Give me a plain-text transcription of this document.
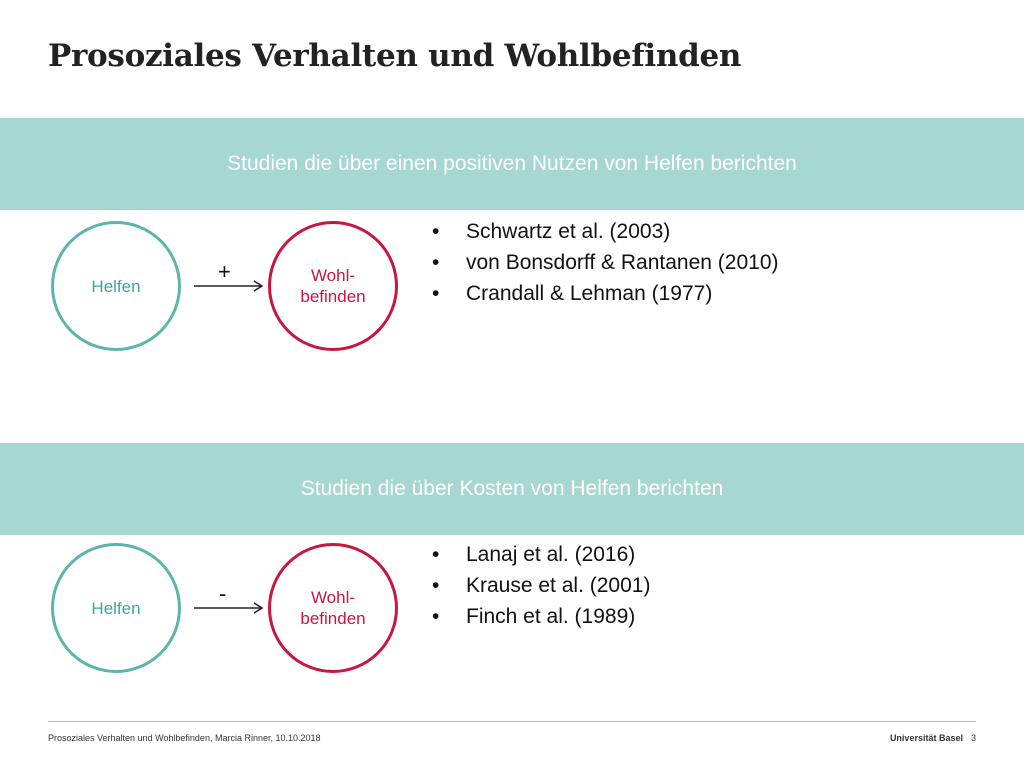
Prosoziales Verhalten und Wohlbefinden
Studien die über einen positiven Nutzen von Helfen berichten
Helfen
+	Wohl-
befinden
• Schwartz et al. (2003)
• von Bonsdorff & Rantanen (2010)
• Crandall & Lehman (1977)
Studien die über Kosten von Helfen berichten
Helfen
-	Wohl-
befinden
• Lanaj et al. (2016)
• Krause et al. (2001)
• Finch et al. (1989)
Prosoziales Verhalten und Wohlbefinden, Marcia Rinner, 10.10.2018	Universität Basel 3
